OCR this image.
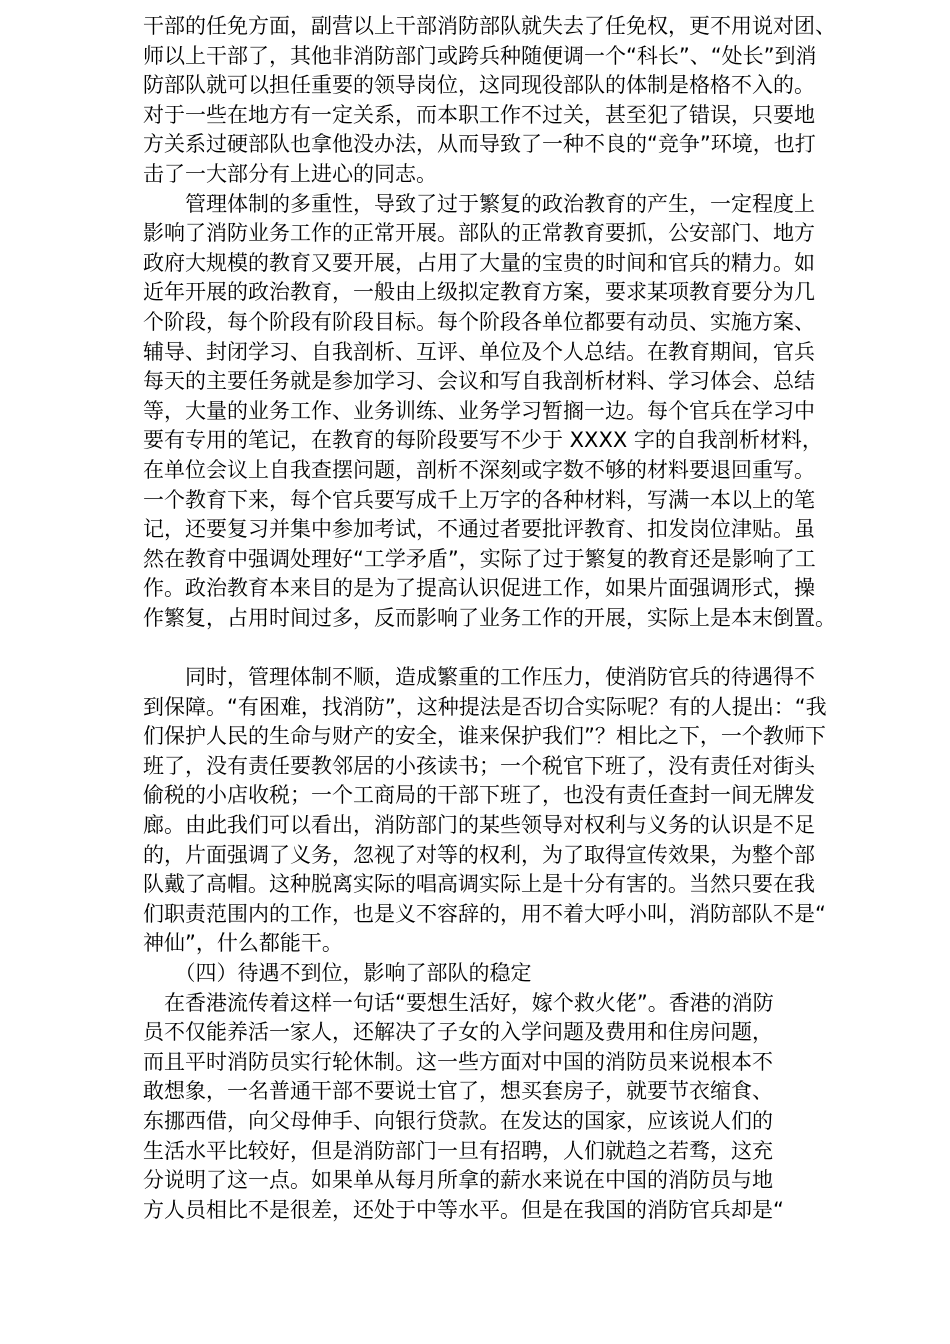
干部的任免方面，副营以上干部消防部队就失去了任免权，更不用说对团、
师以上干部了，其他非消防部门或跨兵种随便调一个“科长”、“处长”到消
防部队就可以担任重要的领导岗位，这同现役部队的体制是格格不入的。
对于一些在地方有一定关系，而本职工作不过关，甚至犯了错误，只要地
方关系过硬部队也拿他没办法，从而导致了一种不良的“竞争”环境，也打
击了一大部分有上进心的同志。
　　管理体制的多重性，导致了过于繁复的政治教育的产生，一定程度上
影响了消防业务工作的正常开展。部队的正常教育要抓，公安部门、地方
政府大规模的教育又要开展，占用了大量的宝贵的时间和官兵的精力。如
近年开展的政治教育，一般由上级拟定教育方案，要求某项教育要分为几
个阶段，每个阶段有阶段目标。每个阶段各单位都要有动员、实施方案、
辅导、封闭学习、自我剖析、互评、单位及个人总结。在教育期间，官兵
每天的主要任务就是参加学习、会议和写自我剖析材料、学习体会、总结
等，大量的业务工作、业务训练、业务学习暂搁一边。每个官兵在学习中
要有专用的笔记，在教育的每阶段要写不少于 XXXX 字的自我剖析材料，
在单位会议上自我查摆问题，剖析不深刻或字数不够的材料要退回重写。
一个教育下来，每个官兵要写成千上万字的各种材料，写满一本以上的笔
记，还要复习并集中参加考试，不通过者要批评教育、扣发岗位津贴。虽
然在教育中强调处理好“工学矛盾”，实际了过于繁复的教育还是影响了工
作。政治教育本来目的是为了提高认识促进工作，如果片面强调形式，操
作繁复，占用时间过多，反而影响了业务工作的开展，实际上是本末倒置。
　　同时，管理体制不顺，造成繁重的工作压力，使消防官兵的待遇得不
到保障。“有困难，找消防”，这种提法是否切合实际呢？有的人提出：“我
们保护人民的生命与财产的安全，谁来保护我们”？相比之下，一个教师下
班了，没有责任要教邻居的小孩读书；一个税官下班了，没有责任对街头
偷税的小店收税；一个工商局的干部下班了，也没有责任查封一间无牌发
廊。由此我们可以看出，消防部门的某些领导对权利与义务的认识是不足
的，片面强调了义务，忽视了对等的权利，为了取得宣传效果，为整个部
队戴了高帽。这种脱离实际的唱高调实际上是十分有害的。当然只要在我
们职责范围内的工作，也是义不容辞的，用不着大呼小叫，消防部队不是“
神仙”，什么都能干。
　　（四）待遇不到位，影响了部队的稳定
　在香港流传着这样一句话“要想生活好，嫁个救火佬”。香港的消防
员不仅能养活一家人，还解决了子女的入学问题及费用和住房问题，
而且平时消防员实行轮休制。这一些方面对中国的消防员来说根本不
敢想象，一名普通干部不要说士官了，想买套房子，就要节衣缩食、
东挪西借，向父母伸手、向银行贷款。在发达的国家，应该说人们的
生活水平比较好，但是消防部门一旦有招聘，人们就趋之若骛，这充
分说明了这一点。如果单从每月所拿的薪水来说在中国的消防员与地
方人员相比不是很差，还处于中等水平。但是在我国的消防官兵却是“
